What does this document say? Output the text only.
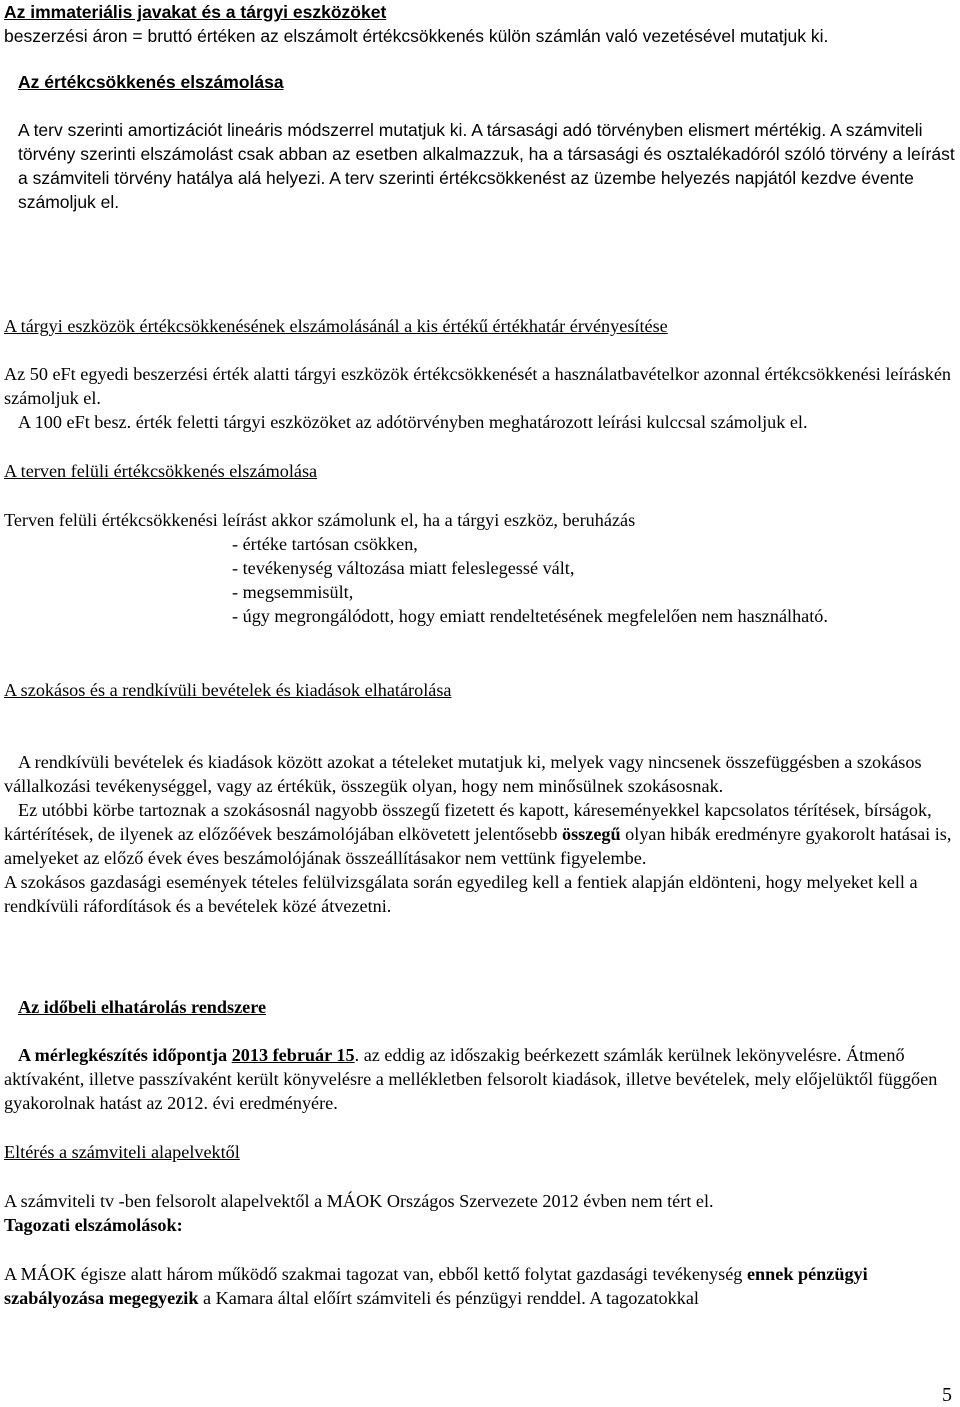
Az immateriális javakat és a tárgyi eszközöket
beszerzési áron = bruttó értéken az elszámolt értékcsökkenés külön számlán való vezetésével mutatjuk ki.
Az értékcsökkenés elszámolása
A terv szerinti amortizációt lineáris módszerrel mutatjuk ki. A társasági adó törvényben elismert mértékig. A számviteli törvény szerinti elszámolást csak abban az esetben alkalmazzuk, ha a társasági és osztalékadóról szóló törvény a leírást a számviteli törvény hatálya alá helyezi. A terv szerinti értékcsökkenést az üzembe helyezés napjától kezdve évente számoljuk el.
A tárgyi eszközök értékcsökkenésének elszámolásánál a kis értékű értékhatár érvényesítése
Az 50 eFt egyedi beszerzési érték alatti tárgyi eszközök értékcsökkenését a használatbavételkor azonnal értékcsökkenési leíráskén számoljuk el.
A 100 eFt besz. érték feletti tárgyi eszközöket az adótörvényben meghatározott leírási kulccsal számoljuk el.
A terven felüli értékcsökkenés elszámolása
Terven felüli értékcsökkenési leírást akkor számolunk el, ha a tárgyi eszköz, beruházás
- értéke tartósan csökken,
- tevékenység változása miatt feleslegessé vált,
- megsemmisült,
- úgy megrongálódott, hogy emiatt rendeltetésének megfelelően nem használható.
A szokásos és a rendkívüli bevételek és kiadások elhatárolása
A rendkívüli bevételek és kiadások között azokat a tételeket mutatjuk ki, melyek vagy nincsenek összefüggésben a szokásos vállalkozási tevékenységgel, vagy az értékük, összegük olyan, hogy nem minősülnek szokásosnak.
Ez utóbbi körbe tartoznak a szokásosnál nagyobb összegű fizetett és kapott, káreseményekkel kapcsolatos térítések, bírságok, kártérítések, de ilyenek az előzőévek beszámolójában elkövetett jelentősebb összegű olyan hibák eredményre gyakorolt hatásai is, amelyeket az előző évek éves beszámolójának összeállításakor nem vettünk figyelembe.
A szokásos gazdasági események tételes felülvizsgálata során egyedileg kell a fentiek alapján eldönteni, hogy melyeket kell a rendkívüli ráfordítások és a bevételek közé átvezetni.
Az időbeli elhatárolás rendszere
A mérlegkészítés időpontja 2013 február 15. az eddig az időszakig beérkezett számlák kerülnek lekönyvelésre. Átmenő aktívaként, illetve passzívaként került könyvelésre a mellékletben felsorolt kiadások, illetve bevételek, mely előjelüktől függően gyakorolnak hatást az 2012. évi eredményére.
Eltérés a számviteli alapelvektől
A számviteli tv -ben felsorolt alapelvektől a MÁOK Országos Szervezete 2012 évben nem tért el.
Tagozati elszámolások:
A MÁOK égisze alatt három működő szakmai tagozat van, ebből kettő folytat gazdasági tevékenység ennek pénzügyi szabályozása megegyezik a Kamara által előírt számviteli és pénzügyi renddel. A tagozatokkal
5
